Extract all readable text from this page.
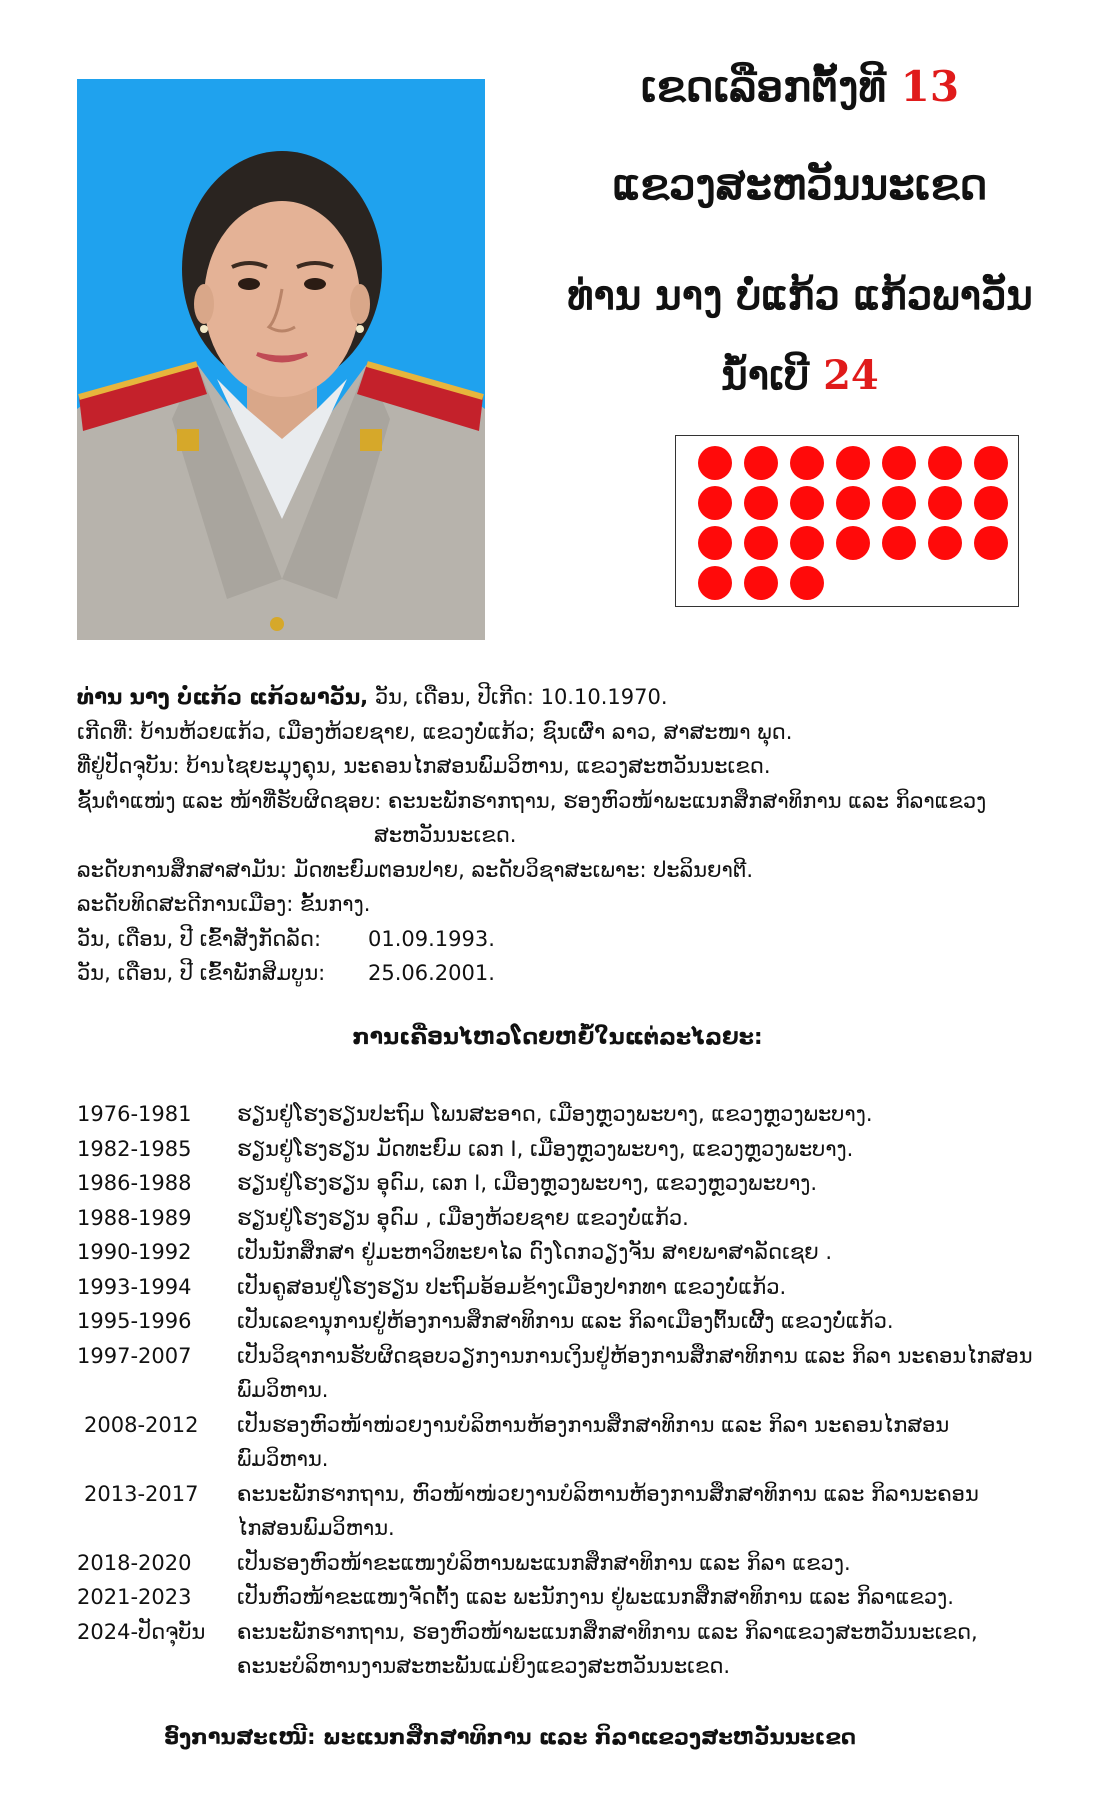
ເຂດເລືອກຕັ້ງທີ 13
ແຂວງສະຫວັນນະເຂດ
ທ່ານ ນາງ ບໍ່ແກ້ວ ແກ້ວພາວັນ
ນໍ້າເບີ 24
ທ່ານ ນາງ ບໍ່ແກ້ວ ແກ້ວພາວັນ, ວັນ, ເດືອນ, ປີເກີດ: 10.10.1970.
ເກີດທີ່: ບ້ານຫ້ວຍແກ້ວ, ເມືອງຫ້ວຍຊາຍ, ແຂວງບໍ່ແກ້ວ; ຊົນເຜົ່າ ລາວ, ສາສະໜາ ພຸດ.
ທີ່ຢູ່ປັດຈຸບັນ: ບ້ານໄຊຍະມຸງຄຸນ, ນະຄອນໄກສອນພົມວິຫານ, ແຂວງສະຫວັນນະເຂດ.
ຊັ້ນຕໍາແໜ່ງ ແລະ ໜ້າທີ່ຮັບຜິດຊອບ: ຄະນະພັກຮາກຖານ, ຮອງຫົວໜ້າພະແນກສຶກສາທິການ ແລະ ກິລາແຂວງ
ສະຫວັນນະເຂດ.
ລະດັບການສຶກສາສາມັນ: ມັດທະຍົມຕອນປາຍ, ລະດັບວິຊາສະເພາະ: ປະລິນຍາຕີ.
ລະດັບທິດສະດີການເມືອງ: ຂັ້ນກາງ.
ວັນ, ເດືອນ, ປີ ເຂົ້າສັງກັດລັດ: 01.09.1993.
ວັນ, ເດືອນ, ປີ ເຂົ້າພັກສິມບູນ: 25.06.2001.
ການເຄື່ອນໄຫວໂດຍຫຍໍ້ໃນແຕ່ລະໄລຍະ:
1976-1981	ຮຽນຢູ່ໂຮງຮຽນປະຖົມ ໂພນສະອາດ, ເມືອງຫຼວງພະບາງ, ແຂວງຫຼວງພະບາງ.
1982-1985	ຮຽນຢູ່ໂຮງຮຽນ ມັດທະຍົມ ເລກ I, ເມືອງຫຼວງພະບາງ, ແຂວງຫຼວງພະບາງ.
1986-1988	ຮຽນຢູ່ໂຮງຮຽນ ອຸດົມ, ເລກ I, ເມືອງຫຼວງພະບາງ, ແຂວງຫຼວງພະບາງ.
1988-1989	ຮຽນຢູ່ໂຮງຮຽນ ອຸດົມ , ເມືອງຫ້ວຍຊາຍ ແຂວງບໍ່ແກ້ວ.
1990-1992	ເປັນນັກສຶກສາ ຢູ່ມະຫາວິທະຍາໄລ ດົງໂດກວຽງຈັນ ສາຍພາສາລັດເຊຍ .
1993-1994	ເປັນຄູສອນຢູ່ໂຮງຮຽນ ປະຖົມອ້ອມຂ້າງເມືອງປາກທາ ແຂວງບໍ່ແກ້ວ.
1995-1996	ເປັນເລຂານຸການຢູ່ຫ້ອງການສຶກສາທິການ ແລະ ກິລາເມືອງຕົ້ນເຜີ້ງ ແຂວງບໍ່ແກ້ວ.
1997-2007	ເປັນວິຊາການຮັບຜິດຊອບວຽກງານການເງິນຢູ່ຫ້ອງການສຶກສາທິການ ແລະ ກິລາ ນະຄອນໄກສອນພົມວິຫານ.
2008-2012	ເປັນຮອງຫົວໜ້າໜ່ວຍງານບໍລິຫານຫ້ອງການສຶກສາທິການ ແລະ ກິລາ ນະຄອນໄກສອນພົມວິຫານ.
2013-2017	ຄະນະພັກຮາກຖານ, ຫົວໜ້າໜ່ວຍງານບໍລິຫານຫ້ອງການສຶກສາທິການ ແລະ ກິລານະຄອນໄກສອນພົມວິຫານ.
2018-2020	ເປັນຮອງຫົວໜ້າຂະແໜງບໍລິຫານພະແນກສຶກສາທິການ ແລະ ກິລາ ແຂວງ.
2021-2023	ເປັນຫົວໜ້າຂະແໜງຈັດຕັ້ງ ແລະ ພະນັກງານ ຢູ່ພະແນກສຶກສາທິການ ແລະ ກິລາແຂວງ.
2024-ປັດຈຸບັນ	ຄະນະພັກຮາກຖານ, ຮອງຫົວໜ້າພະແນກສຶກສາທິການ ແລະ ກິລາແຂວງສະຫວັນນະເຂດ, ຄະນະບໍລິຫານງານສະຫະພັນແມ່ຍິງແຂວງສະຫວັນນະເຂດ.
ອົງການສະເໜີ: ພະແນກສຶກສາທິການ ແລະ ກິລາແຂວງສະຫວັນນະເຂດ
